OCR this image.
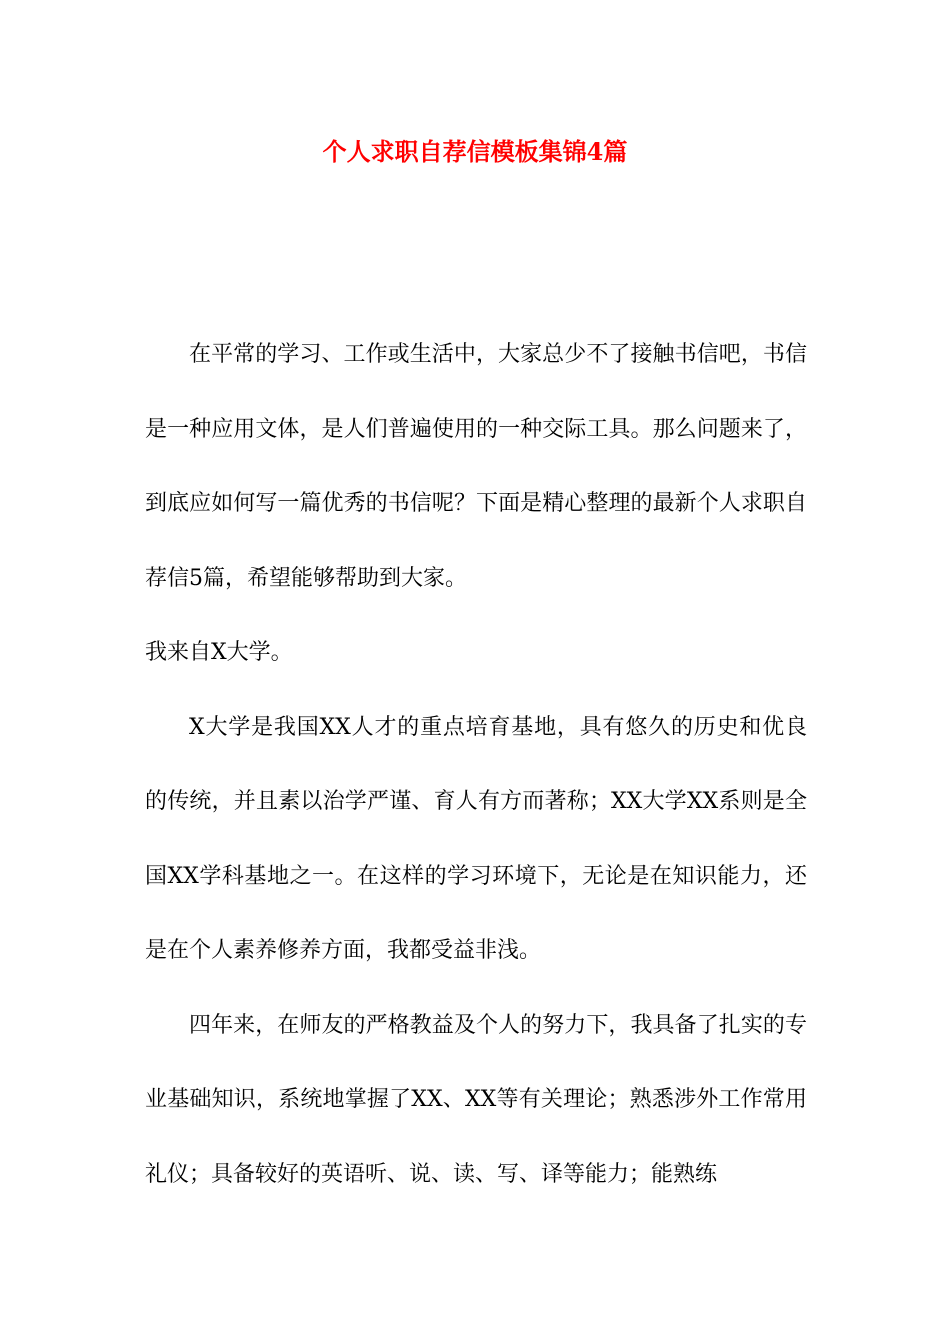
个人求职自荐信模板集锦4篇

在平常的学习、工作或生活中，大家总少不了接触书信吧，书信是一种应用文体，是人们普遍使用的一种交际工具。那么问题来了，到底应如何写一篇优秀的书信呢？下面是精心整理的最新个人求职自荐信5篇，希望能够帮助到大家。

我来自X大学。

X大学是我国XX人才的重点培育基地，具有悠久的历史和优良的传统，并且素以治学严谨、育人有方而著称；XX大学XX系则是全国XX学科基地之一。在这样的学习环境下，无论是在知识能力，还是在个人素养修养方面，我都受益非浅。

四年来，在师友的严格教益及个人的努力下，我具备了扎实的专业基础知识，系统地掌握了XX、XX等有关理论；熟悉涉外工作常用礼仪；具备较好的英语听、说、读、写、译等能力；能熟练
